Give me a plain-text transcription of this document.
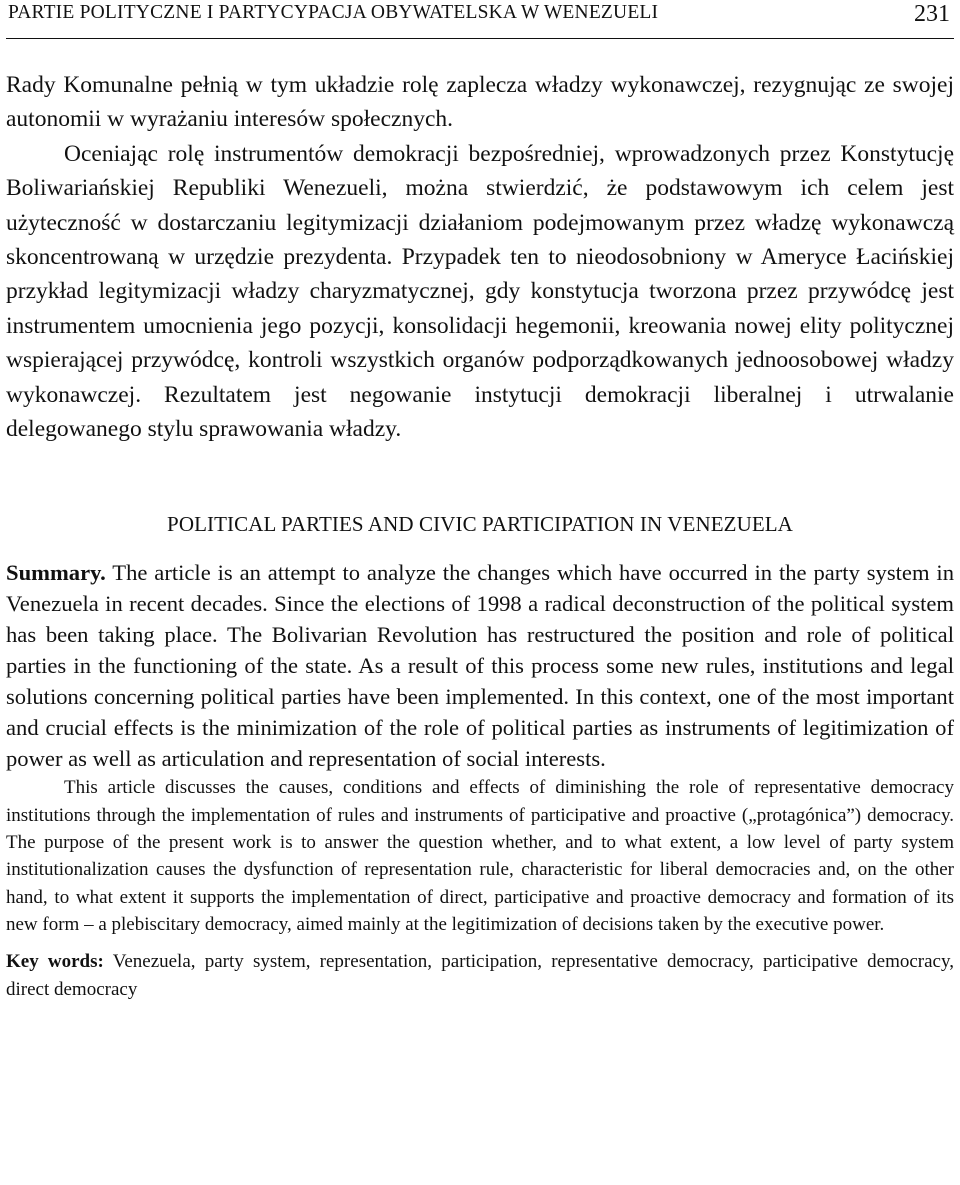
PARTIE POLITYCZNE I PARTYCYPACJA OBYWATELSKA W WENEZUELI	231

Rady Komunalne pełnią w tym układzie rolę zaplecza władzy wykonawczej, rezygnując ze swojej autonomii w wyrażaniu interesów społecznych.

Oceniając rolę instrumentów demokracji bezpośredniej, wprowadzonych przez Konstytucję Boliwariańskiej Republiki Wenezueli, można stwierdzić, że podstawowym ich celem jest użyteczność w dostarczaniu legitymizacji działaniom podejmowanym przez władzę wykonawczą skoncentrowaną w urzędzie prezydenta. Przypadek ten to nieodosobniony w Ameryce Łacińskiej przykład legitymizacji władzy charyzmatycznej, gdy konstytucja tworzona przez przywódcę jest instrumentem umocnienia jego pozycji, konsolidacji hegemonii, kreowania nowej elity politycznej wspierającej przywódcę, kontroli wszystkich organów podporządkowanych jednoosobowej władzy wykonawczej. Rezultatem jest negowanie instytucji demokracji liberalnej i utrwalanie delegowanego stylu sprawowania władzy.

POLITICAL PARTIES AND CIVIC PARTICIPATION IN VENEZUELA

Summary. The article is an attempt to analyze the changes which have occurred in the party system in Venezuela in recent decades. Since the elections of 1998 a radical deconstruction of the political system has been taking place. The Bolivarian Revolution has restructured the position and role of political parties in the functioning of the state. As a result of this process some new rules, institutions and legal solutions concerning political parties have been implemented. In this context, one of the most important and crucial effects is the minimization of the role of political parties as instruments of legitimization of power as well as articulation and representation of social interests.

This article discusses the causes, conditions and effects of diminishing the role of representative democracy institutions through the implementation of rules and instruments of participative and proactive („protagónica”) democracy. The purpose of the present work is to answer the question whether, and to what extent, a low level of party system institutionalization causes the dysfunction of representation rule, characteristic for liberal democracies and, on the other hand, to what extent it supports the implementation of direct, participative and proactive democracy and formation of its new form – a plebiscitary democracy, aimed mainly at the legitimization of decisions taken by the executive power.

Key words: Venezuela, party system, representation, participation, representative democracy, participative democracy, direct democracy
